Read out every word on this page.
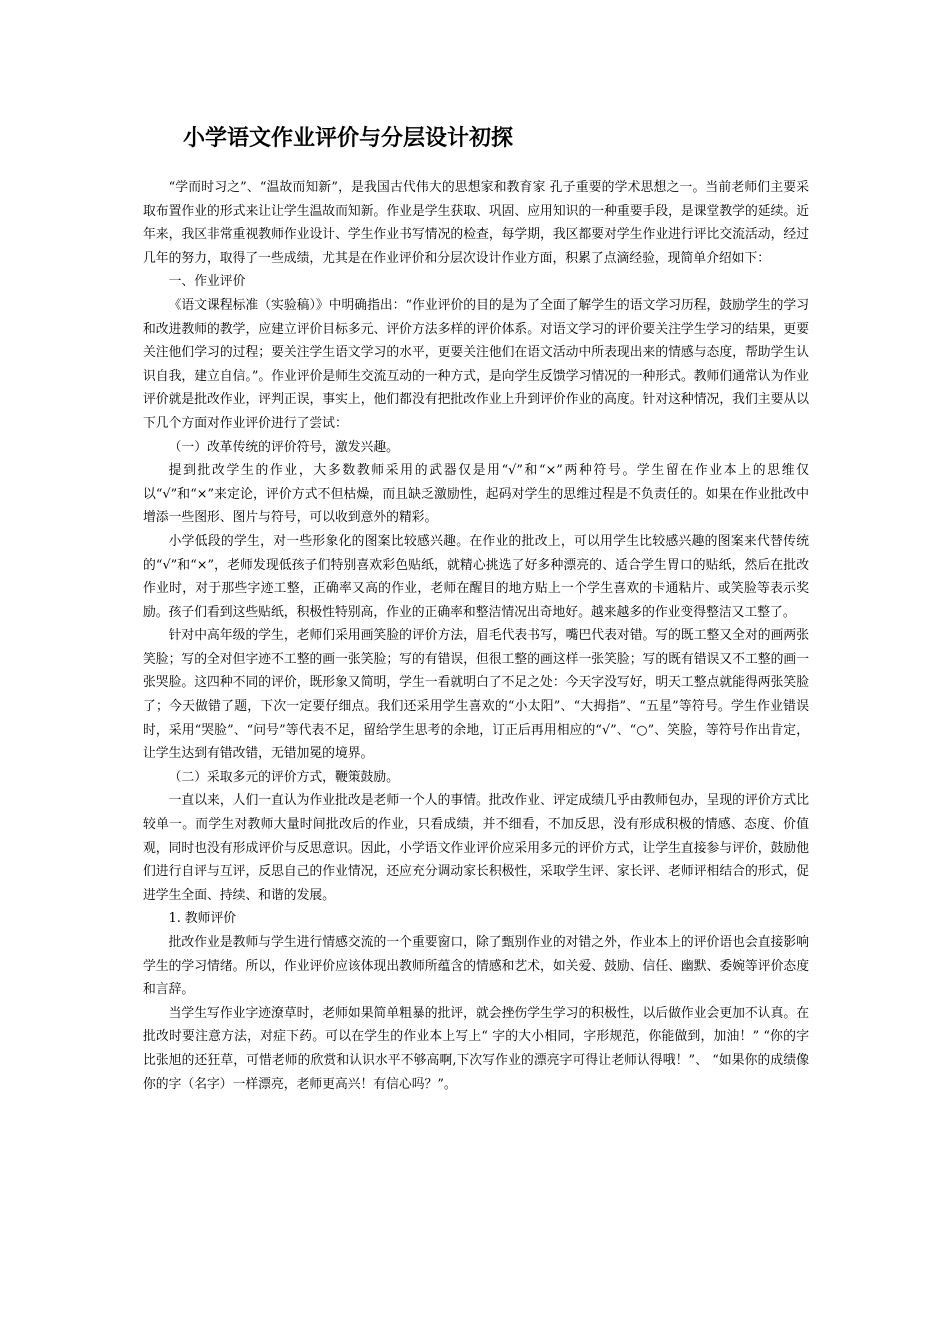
小学语文作业评价与分层设计初探

“学而时习之”、“温故而知新”，是我国古代伟大的思想家和教育家 孔子重要的学术思想之一。当前老师们主要采取布置作业的形式来让让学生温故而知新。作业是学生获取、巩固、应用知识的一种重要手段，是课堂教学的延续。近年来，我区非常重视教师作业设计、学生作业书写情况的检查，每学期，我区都要对学生作业进行评比交流活动，经过几年的努力，取得了一些成绩，尤其是在作业评价和分层次设计作业方面，积累了点滴经验，现简单介绍如下：

一、作业评价

《语文课程标准（实验稿）》中明确指出：“作业评价的目的是为了全面了解学生的语文学习历程，鼓励学生的学习和改进教师的教学，应建立评价目标多元、评价方法多样的评价体系。对语文学习的评价要关注学生学习的结果，更要关注他们学习的过程；要关注学生语文学习的水平，更要关注他们在语文活动中所表现出来的情感与态度，帮助学生认识自我，建立自信。”。作业评价是师生交流互动的一种方式，是向学生反馈学习情况的一种形式。教师们通常认为作业评价就是批改作业，评判正误，事实上，他们都没有把批改作业上升到评价作业的高度。针对这种情况，我们主要从以下几个方面对作业评价进行了尝试：

（一）改革传统的评价符号，激发兴趣。

提到批改学生的作业，大多数教师采用的武器仅是用“√”和“×”两种符号。学生留在作业本上的思维仅以“√”和“×”来定论，评价方式不但枯燥，而且缺乏激励性，起码对学生的思维过程是不负责任的。如果在作业批改中增添一些图形、图片与符号，可以收到意外的精彩。

小学低段的学生，对一些形象化的图案比较感兴趣。在作业的批改上，可以用学生比较感兴趣的图案来代替传统的“√”和“×”，老师发现低孩子们特别喜欢彩色贴纸，就精心挑选了好多种漂亮的、适合学生胃口的贴纸，然后在批改作业时，对于那些字迹工整，正确率又高的作业，老师在醒目的地方贴上一个学生喜欢的卡通粘片、或笑脸等表示奖励。孩子们看到这些贴纸，积极性特别高，作业的正确率和整洁情况出奇地好。越来越多的作业变得整洁又工整了。

针对中高年级的学生，老师们采用画笑脸的评价方法，眉毛代表书写，嘴巴代表对错。写的既工整又全对的画两张笑脸；写的全对但字迹不工整的画一张笑脸；写的有错误，但很工整的画这样一张笑脸；写的既有错误又不工整的画一张哭脸。这四种不同的评价，既形象又简明，学生一看就明白了不足之处：今天字没写好，明天工整点就能得两张笑脸了；今天做错了题，下次一定要仔细点。我们还采用学生喜欢的“小太阳”、“大拇指”、“五星”等符号。学生作业错误时，采用“哭脸”、“问号”等代表不足，留给学生思考的余地，订正后再用相应的“√”、“○”、笑脸，等符号作出肯定，让学生达到有错改错，无错加冕的境界。

（二）采取多元的评价方式，鞭策鼓励。

一直以来，人们一直认为作业批改是老师一个人的事情。批改作业、评定成绩几乎由教师包办，呈现的评价方式比较单一。而学生对教师大量时间批改后的作业，只看成绩，并不细看，不加反思，没有形成积极的情感、态度、价值观，同时也没有形成评价与反思意识。因此，小学语文作业评价应采用多元的评价方式，让学生直接参与评价，鼓励他们进行自评与互评，反思自己的作业情况，还应充分调动家长积极性，采取学生评、家长评、老师评相结合的形式，促进学生全面、持续、和谐的发展。

1. 教师评价

批改作业是教师与学生进行情感交流的一个重要窗口，除了甄别作业的对错之外，作业本上的评价语也会直接影响学生的学习情绪。所以，作业评价应该体现出教师所蕴含的情感和艺术，如关爱、鼓励、信任、幽默、委婉等评价态度和言辞。

当学生写作业字迹潦草时，老师如果简单粗暴的批评，就会挫伤学生学习的积极性，以后做作业会更加不认真。在批改时要注意方法，对症下药。可以在学生的作业本上写上“ 字的大小相同，字形规范，你能做到，加油！” “你的字比张旭的还狂草，可惜老师的欣赏和认识水平不够高啊,下次写作业的漂亮字可得让老师认得哦！”、 “如果你的成绩像你的字（名字）一样漂亮，老师更高兴！有信心吗？”。
